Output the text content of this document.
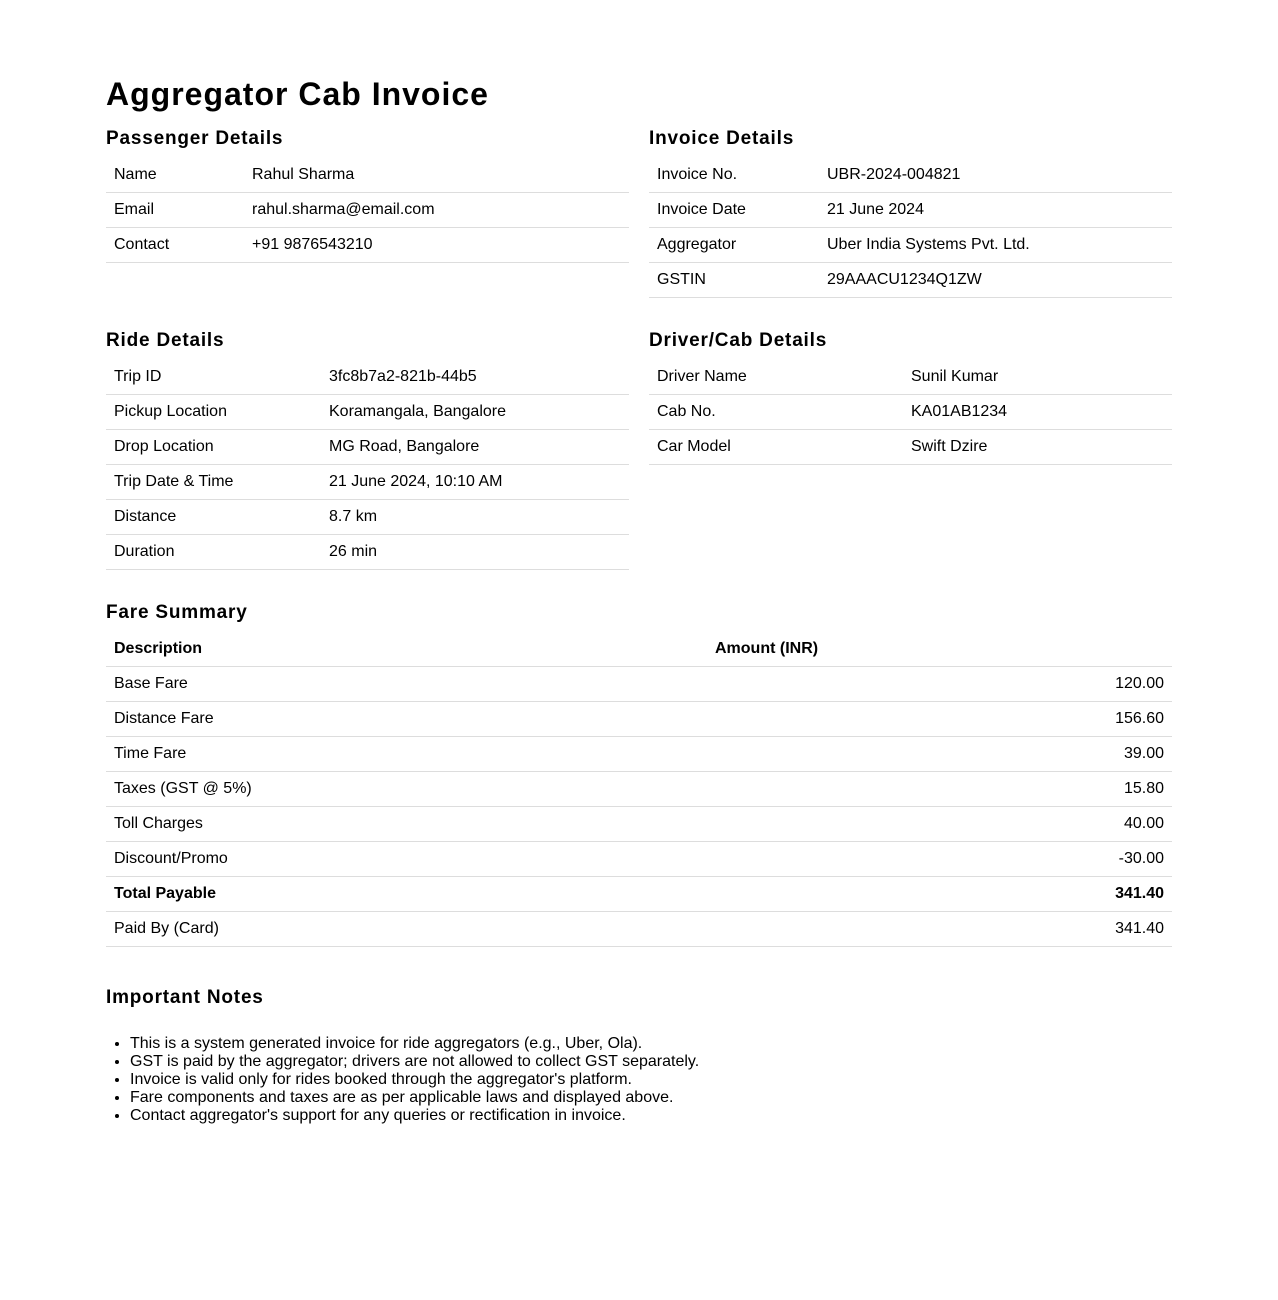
Aggregator Cab Invoice
Passenger Details
Name	Rahul Sharma
Email	rahul.sharma@email.com
Contact	+91 9876543210
Invoice Details
Invoice No.	UBR-2024-004821
Invoice Date	21 June 2024
Aggregator	Uber India Systems Pvt. Ltd.
GSTIN	29AAACU1234Q1ZW
Ride Details
Trip ID	3fc8b7a2-821b-44b5
Pickup Location	Koramangala, Bangalore
Drop Location	MG Road, Bangalore
Trip Date & Time	21 June 2024, 10:10 AM
Distance	8.7 km
Duration	26 min
Driver/Cab Details
Driver Name	Sunil Kumar
Cab No.	KA01AB1234
Car Model	Swift Dzire
Fare Summary
Description	Amount (INR)
Base Fare	120.00
Distance Fare	156.60
Time Fare	39.00
Taxes (GST @ 5%)	15.80
Toll Charges	40.00
Discount/Promo	-30.00
Total Payable	341.40
Paid By (Card)	341.40
Important Notes
• This is a system generated invoice for ride aggregators (e.g., Uber, Ola).
• GST is paid by the aggregator; drivers are not allowed to collect GST separately.
• Invoice is valid only for rides booked through the aggregator's platform.
• Fare components and taxes are as per applicable laws and displayed above.
• Contact aggregator's support for any queries or rectification in invoice.
